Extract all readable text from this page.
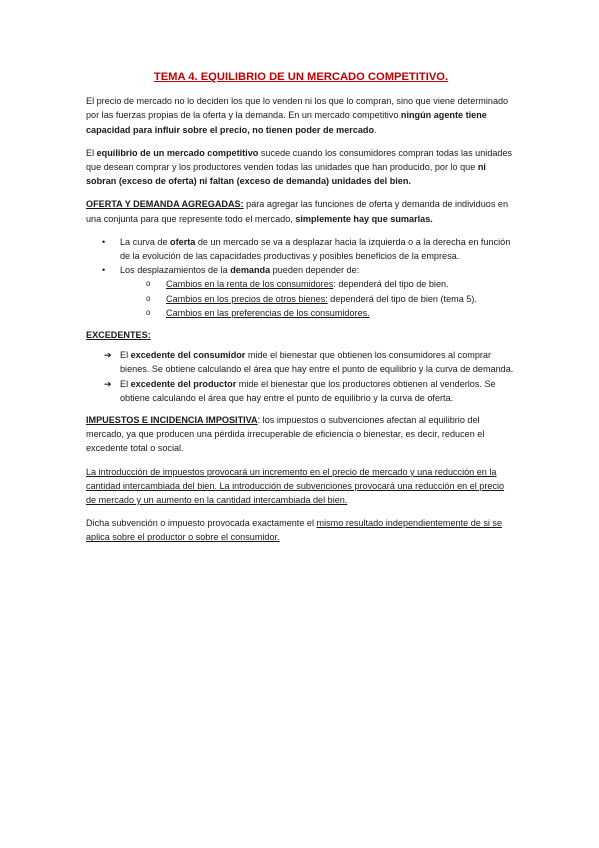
TEMA 4. EQUILIBRIO DE UN MERCADO COMPETITIVO.

El precio de mercado no lo deciden los que lo venden ni los que lo compran, sino que viene determinado por las fuerzas propias de la oferta y la demanda. En un mercado competitivo ningún agente tiene capacidad para influir sobre el precio, no tienen poder de mercado.

El equilibrio de un mercado competitivo sucede cuando los consumidores compran todas las unidades que desean comprar y los productores venden todas las unidades que han producido, por lo que ni sobran (exceso de oferta) ni faltan (exceso de demanda) unidades del bien.

OFERTA Y DEMANDA AGREGADAS: para agregar las funciones de oferta y demanda de individuos en una conjunta para que represente todo el mercado, simplemente hay que sumarlas.

• La curva de oferta de un mercado se va a desplazar hacia la izquierda o a la derecha en función de la evolución de las capacidades productivas y posibles beneficios de la empresa.
• Los desplazamientos de la demanda pueden depender de:
o Cambios en la renta de los consumidores: dependerá del tipo de bien.
o Cambios en los precios de otros bienes: dependerá del tipo de bien (tema 5).
o Cambios en las preferencias de los consumidores.

EXCEDENTES:

➔ El excedente del consumidor mide el bienestar que obtienen los consumidores al comprar bienes. Se obtiene calculando el área que hay entre el punto de equilibrio y la curva de demanda.
➔ El excedente del productor mide el bienestar que los productores obtienen al venderlos. Se obtiene calculando el área que hay entre el punto de equilibrio y la curva de oferta.

IMPUESTOS E INCIDENCIA IMPOSITIVA: los impuestos o subvenciones afectan al equilibrio del mercado, ya que producen una pérdida irrecuperable de eficiencia o bienestar, es decir, reducen el excedente total o social.

La introducción de impuestos provocará un incremento en el precio de mercado y una reducción en la cantidad intercambiada del bien. La introducción de subvenciones provocará una reducción en el precio de mercado y un aumento en la cantidad intercambiada del bien.

Dicha subvención o impuesto provocada exactamente el mismo resultado independientemente de si se aplica sobre el productor o sobre el consumidor.
